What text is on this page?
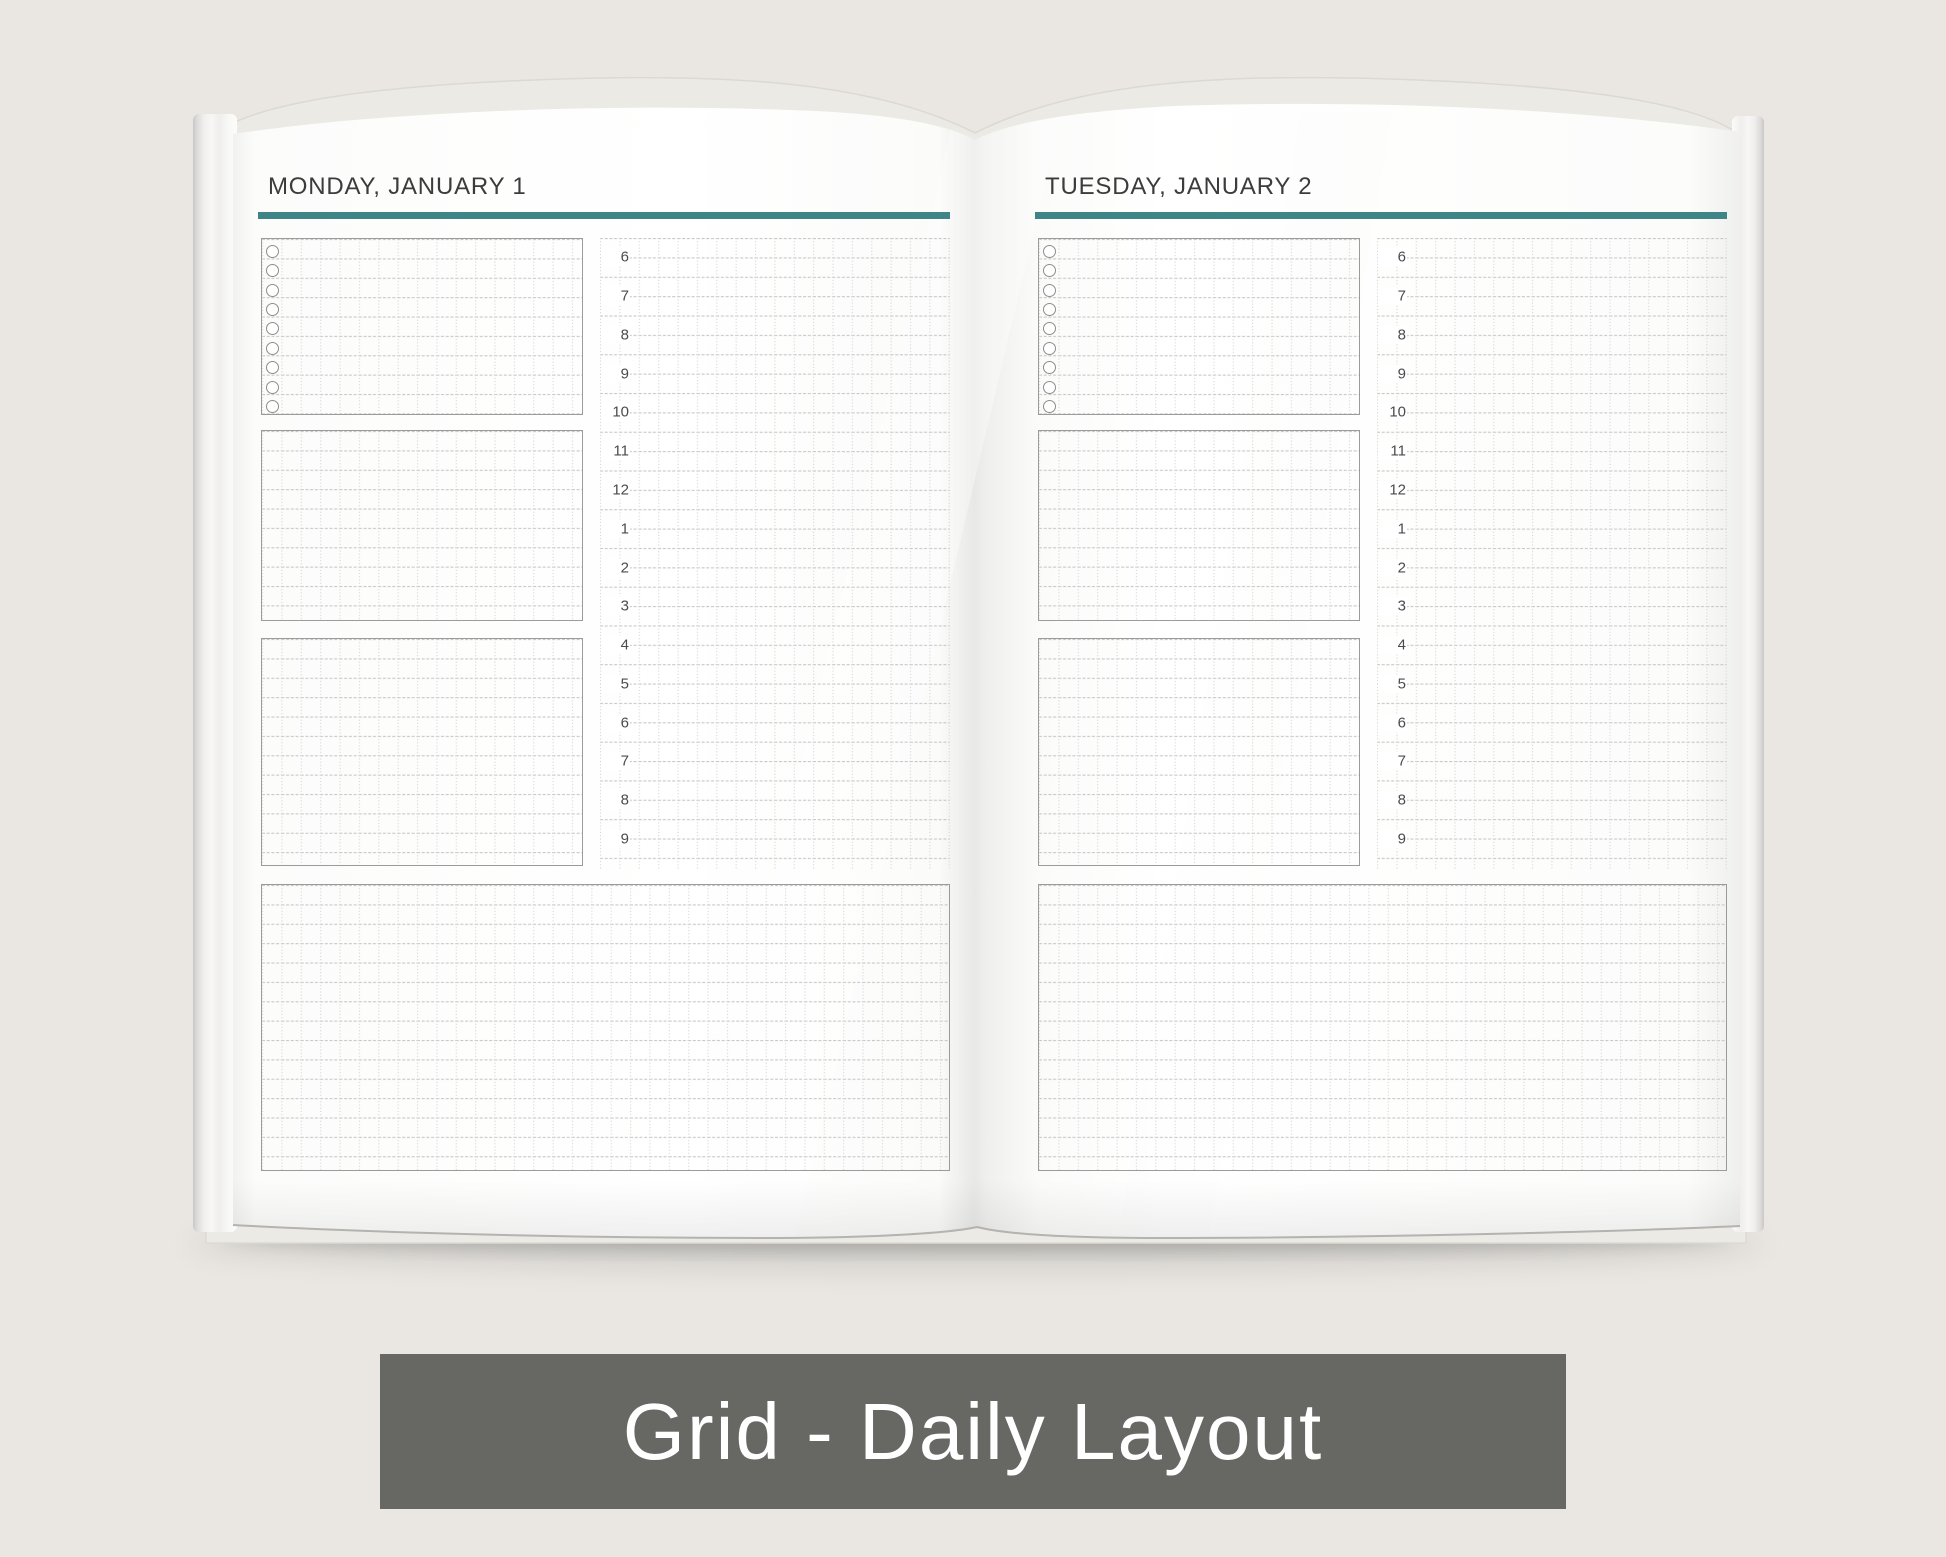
MONDAY, JANUARY 1
6
7
8
9
10
11
12
1
2
3
4
5
6
7
8
9
TUESDAY, JANUARY 2
6
7
8
9
10
11
12
1
2
3
4
5
6
7
8
9
Grid - Daily Layout
